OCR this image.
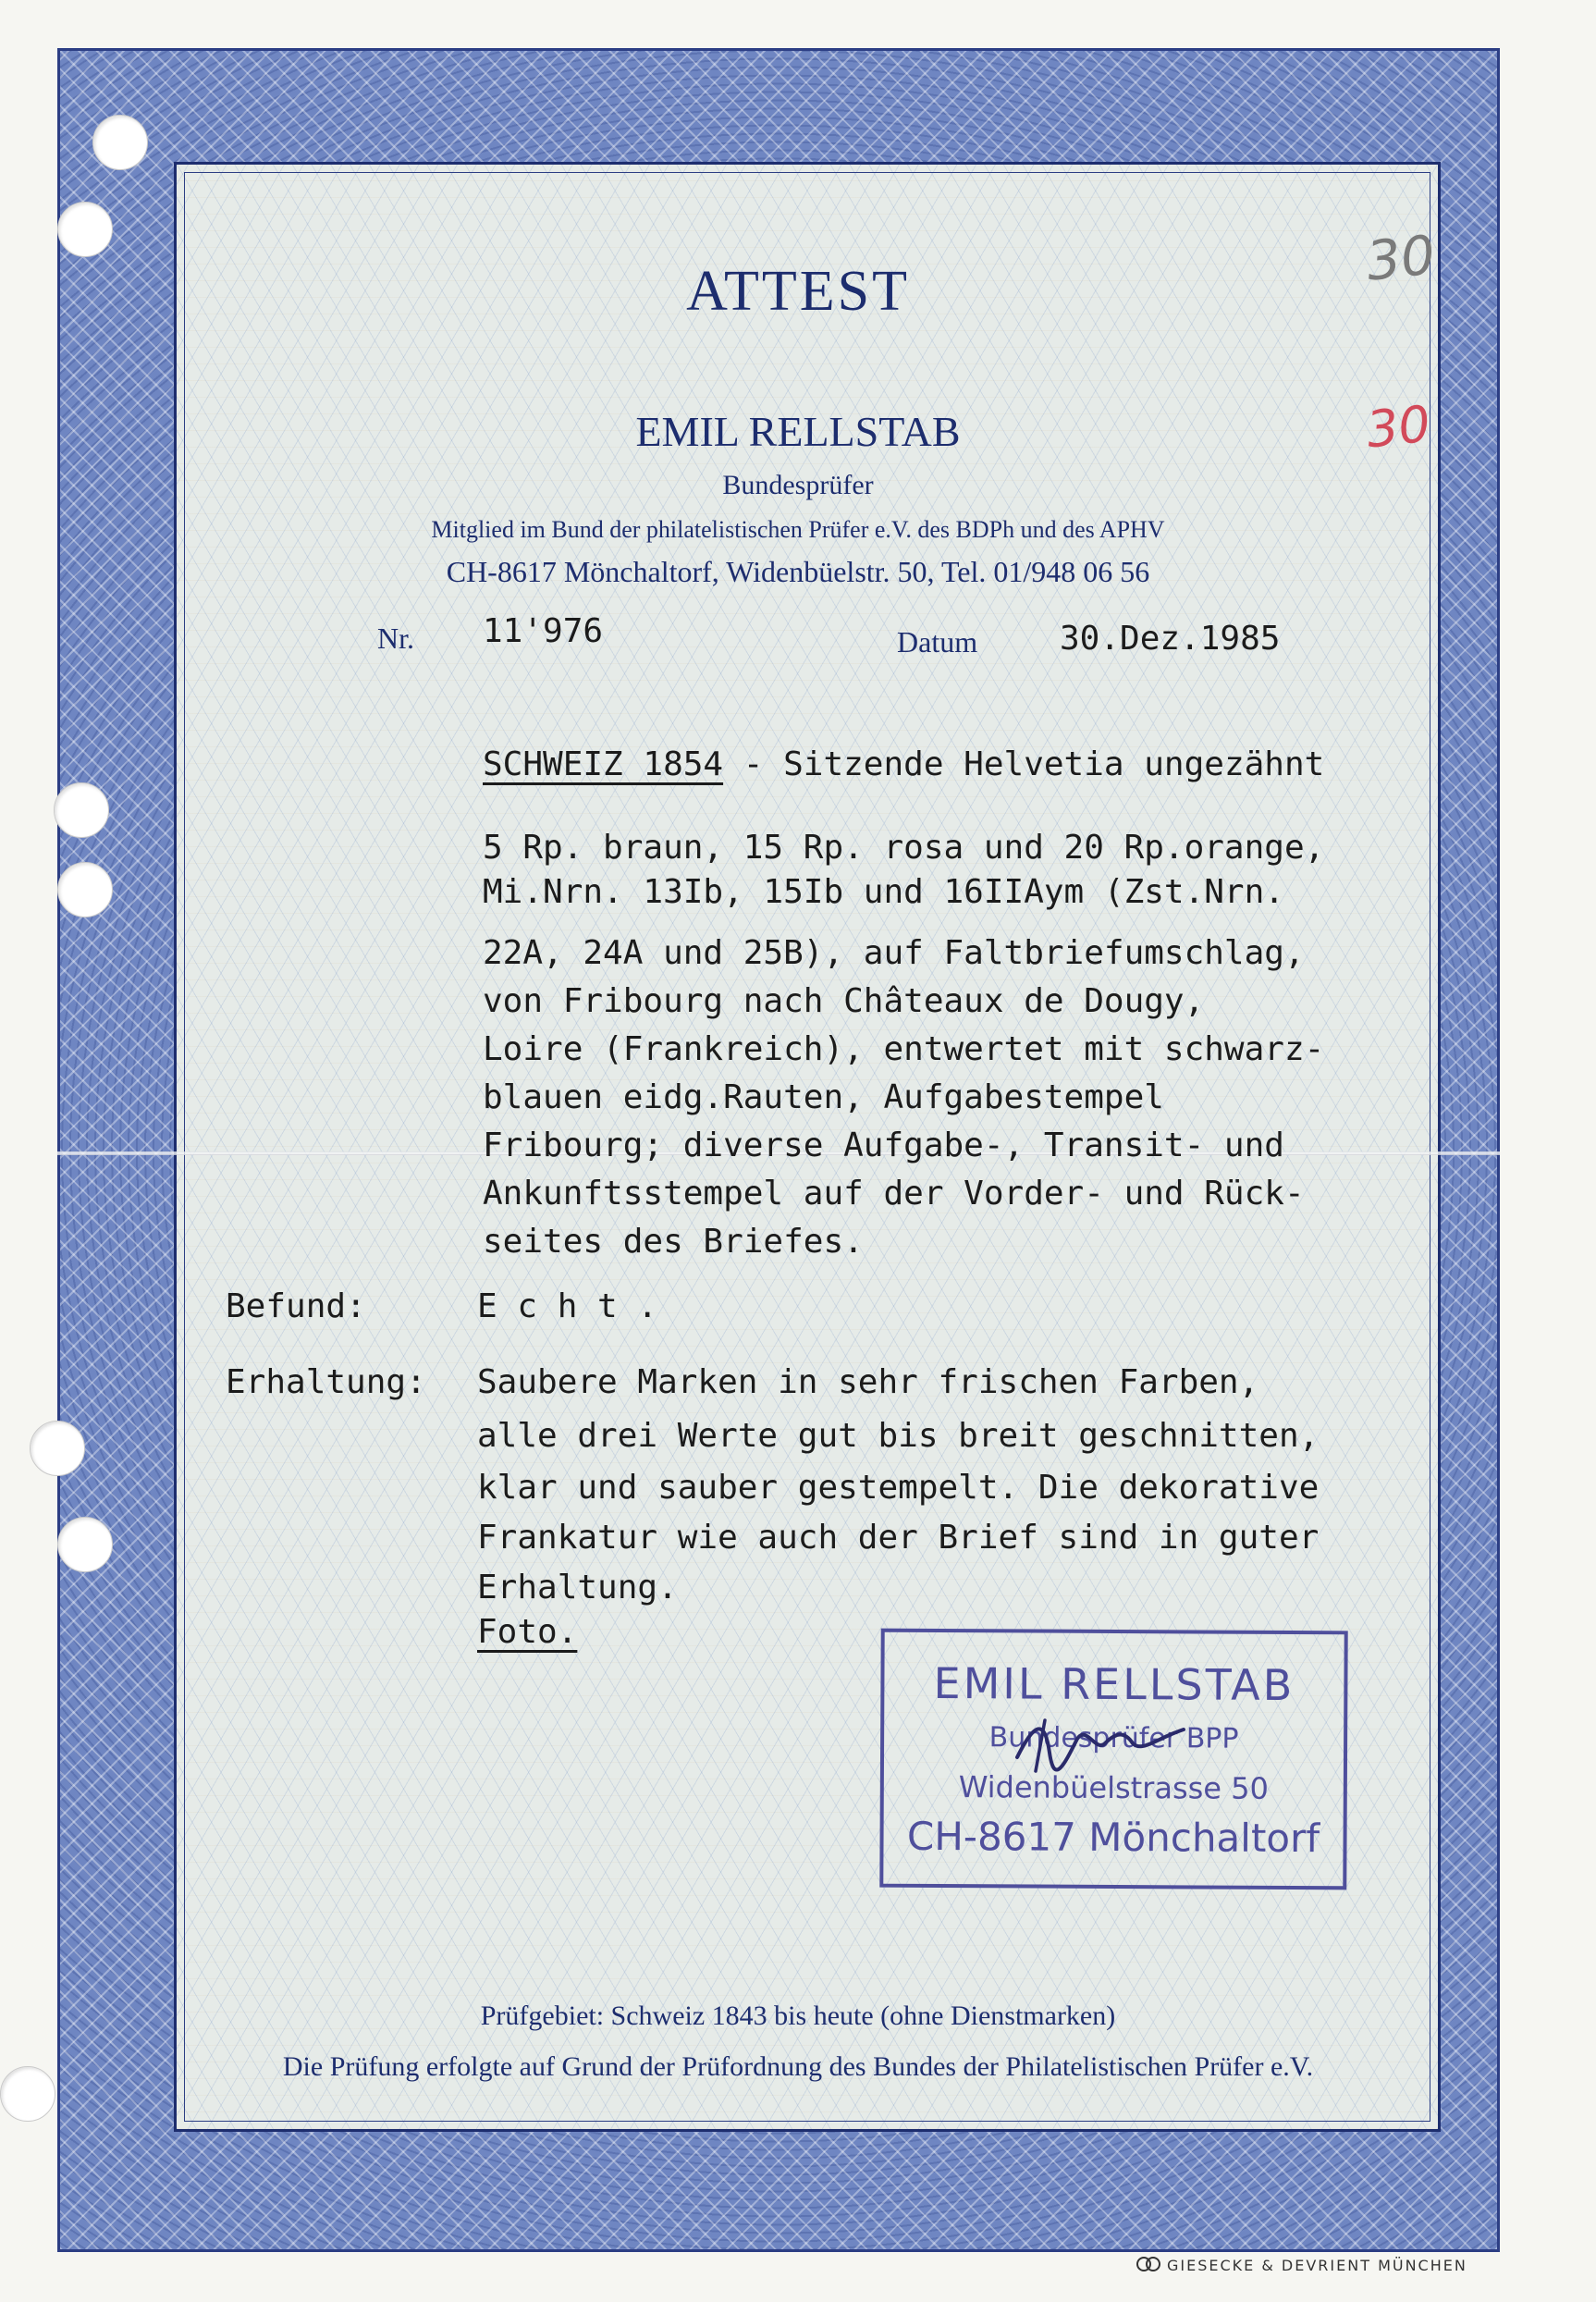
30
30
ATTEST
EMIL RELLSTAB
Bundesprüfer
Mitglied im Bund der philatelistischen Prüfer e.V. des BDPh und des APHV
CH-8617 Mönchaltorf, Widenbüelstr. 50, Tel. 01/948 06 56
Nr. 11'976	Datum 30.Dez.1985
SCHWEIZ 1854 - Sitzende Helvetia ungezähnt
5 Rp. braun, 15 Rp. rosa und 20 Rp.orange,
Mi.Nrn. 13Ib, 15Ib und 16IIAym (Zst.Nrn.
22A, 24A und 25B), auf Faltbriefumschlag,
von Fribourg nach Châteaux de Dougy,
Loire (Frankreich), entwertet mit schwarz-
blauen eidg.Rauten, Aufgabestempel
Fribourg; diverse Aufgabe-, Transit- und
Ankunftsstempel auf der Vorder- und Rück-
seites des Briefes.
Befund:	E c h t .
Erhaltung: Saubere Marken in sehr frischen Farben,
alle drei Werte gut bis breit geschnitten,
klar und sauber gestempelt. Die dekorative
Frankatur wie auch der Brief sind in guter
Erhaltung.
Foto.
EMIL RELLSTAB
Bundesprüfer BPP
Widenbüelstrasse 50
CH-8617 Mönchaltorf
Prüfgebiet: Schweiz 1843 bis heute (ohne Dienstmarken)
Die Prüfung erfolgte auf Grund der Prüfordnung des Bundes der Philatelistischen Prüfer e.V.
GIESECKE & DEVRIENT MÜNCHEN
